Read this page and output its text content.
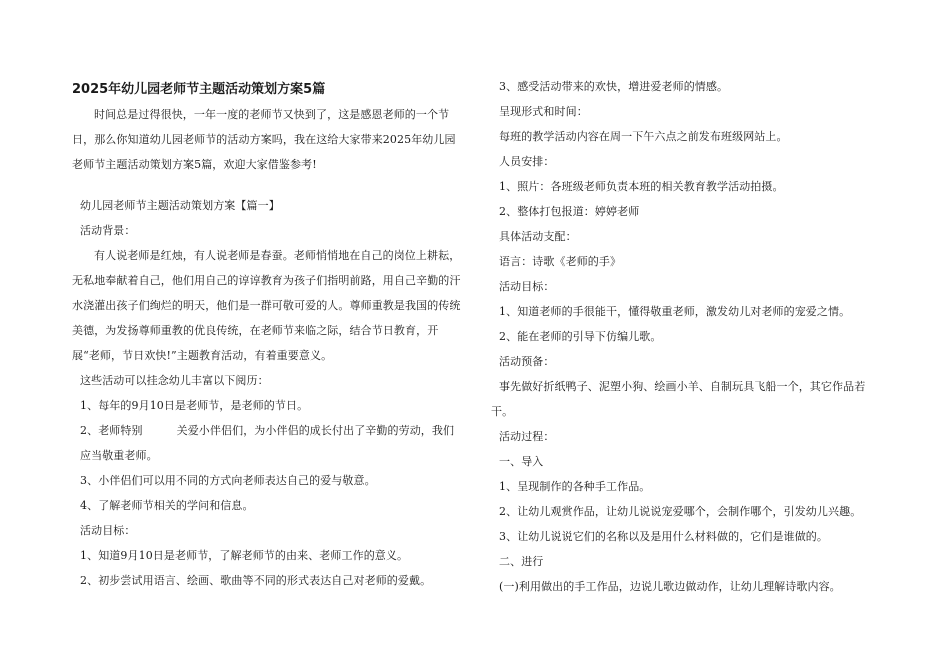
2025年幼儿园老师节主题活动策划方案5篇

时间总是过得很快，一年一度的老师节又快到了，这是感恩老师的一个节日，那么你知道幼儿园老师节的活动方案吗，我在这给大家带来2025年幼儿园老师节主题活动策划方案5篇，欢迎大家借鉴参考!

幼儿园老师节主题活动策划方案【篇一】

活动背景：

有人说老师是红烛，有人说老师是春蚕。老师悄悄地在自己的岗位上耕耘，无私地奉献着自己，他们用自己的谆谆教育为孩子们指明前路，用自己辛勤的汗水浇灌出孩子们绚烂的明天，他们是一群可敬可爱的人。尊师重教是我国的传统美德，为发扬尊师重教的优良传统，在老师节来临之际，结合节日教育，开展“老师，节日欢快!”主题教育活动，有着重要意义。

这些活动可以挂念幼儿丰富以下阅历：

1、每年的9月10日是老师节，是老师的节日。

2、老师特别	关爱小伴侣们，为小伴侣的成长付出了辛勤的劳动，我们应当敬重老师。

3、小伴侣们可以用不同的方式向老师表达自己的爱与敬意。

4、了解老师节相关的学问和信息。

活动目标：

1、知道9月10日是老师节，了解老师节的由来、老师工作的意义。

2、初步尝试用语言、绘画、歌曲等不同的形式表达自己对老师的爱戴。

3、感受活动带来的欢快，增进爱老师的情感。

呈现形式和时间：

每班的教学活动内容在周一下午六点之前发布班级网站上。

人员安排：

1、照片：各班级老师负责本班的相关教育教学活动拍摄。

2、整体打包报道：婷婷老师

具体活动支配：

语言：诗歌《老师的手》

活动目标：

1、知道老师的手很能干，懂得敬重老师，激发幼儿对老师的宠爱之情。

2、能在老师的引导下仿编儿歌。

活动预备：

事先做好折纸鸭子、泥塑小狗、绘画小羊、自制玩具飞船一个，其它作品若干。

活动过程：

一、导入

1、呈现制作的各种手工作品。

2、让幼儿观赏作品，让幼儿说说宠爱哪个，会制作哪个，引发幼儿兴趣。

3、让幼儿说说它们的名称以及是用什么材料做的，它们是谁做的。

二、进行

(一)利用做出的手工作品，边说儿歌边做动作，让幼儿理解诗歌内容。
